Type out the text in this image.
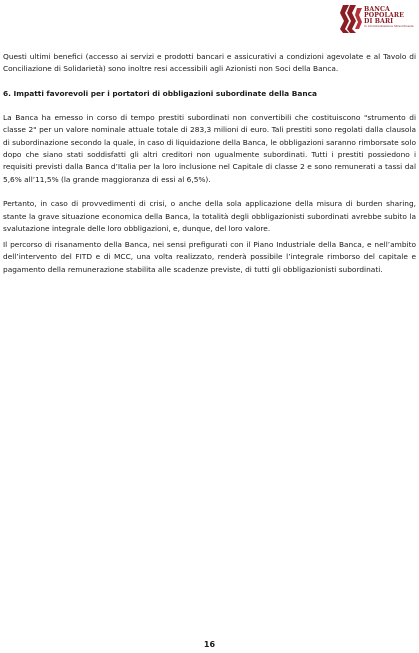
BANCA
POPOLARE
DI BARI
In Amministrazione Straordinaria

Questi ultimi benefici (accesso ai servizi e prodotti bancari e assicurativi a condizioni agevolate e al Tavolo di Conciliazione di Solidarietà) sono inoltre resi accessibili agli Azionisti non Soci della Banca.

6. Impatti favorevoli per i portatori di obbligazioni subordinate della Banca

La Banca ha emesso in corso di tempo prestiti subordinati non convertibili che costituiscono "strumento di classe 2" per un valore nominale attuale totale di 283,3 milioni di euro. Tali prestiti sono regolati dalla clausola di subordinazione secondo la quale, in caso di liquidazione della Banca, le obbligazioni saranno rimborsate solo dopo che siano stati soddisfatti gli altri creditori non ugualmente subordinati. Tutti i prestiti possiedono i requisiti previsti dalla Banca d’Italia per la loro inclusione nel Capitale di classe 2 e sono remunerati a tassi dal 5,6% all’11,5% (la grande maggioranza di essi al 6,5%).

Pertanto, in caso di provvedimenti di crisi, o anche della sola applicazione della misura di burden sharing, stante la grave situazione economica della Banca, la totalità degli obbligazionisti subordinati avrebbe subito la svalutazione integrale delle loro obbligazioni, e, dunque, del loro valore.

Il percorso di risanamento della Banca, nei sensi prefigurati con il Piano Industriale della Banca, e nell’ambito dell’intervento del FITD e di MCC, una volta realizzato, renderà possibile l’integrale rimborso del capitale e pagamento della remunerazione stabilita alle scadenze previste, di tutti gli obbligazionisti subordinati.

16
